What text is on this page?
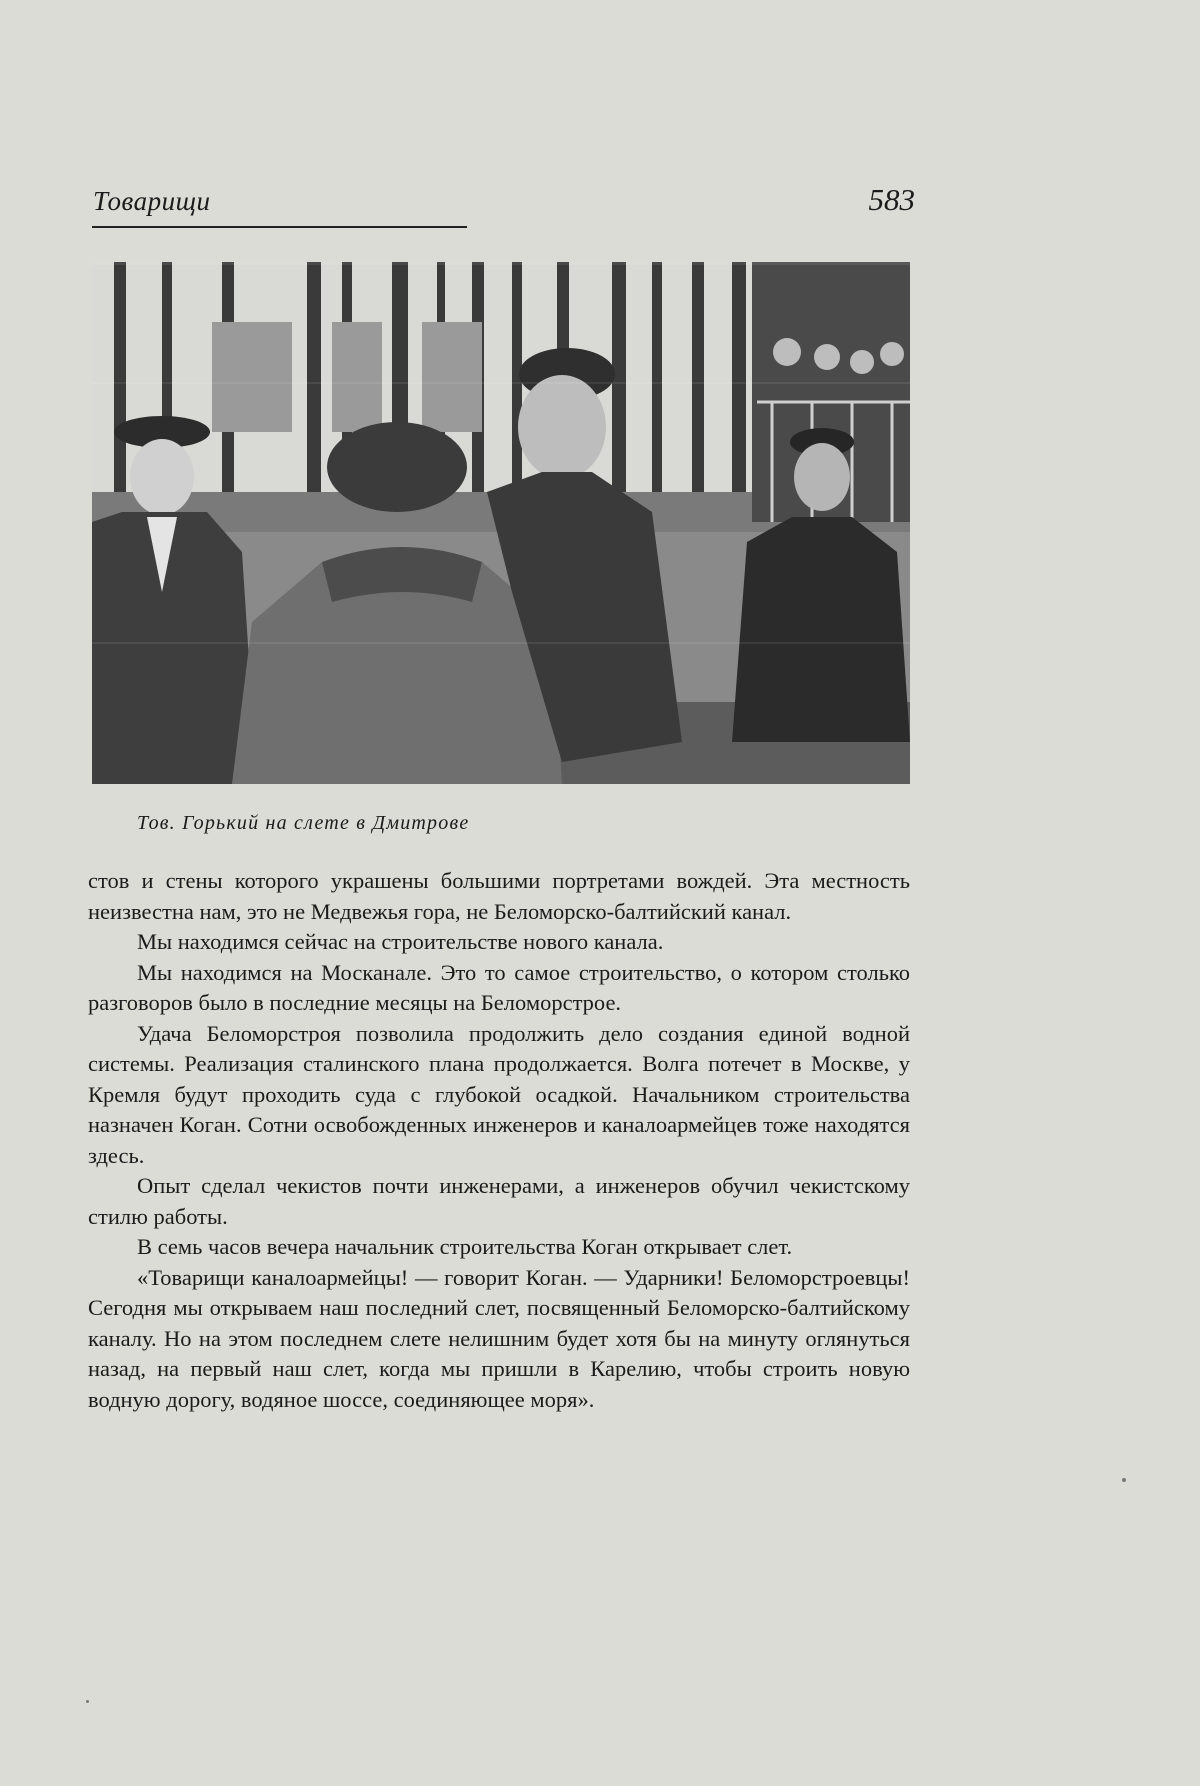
Товарищи	583
Тов. Горький на слете в Дмитрове

стов и стены которого украшены большими портретами вождей. Эта местность неизвестна нам, это не Медвежья гора, не Беломорско-балтийский канал.

Мы находимся сейчас на строительстве нового канала.

Мы находимся на Москанале. Это то самое строительство, о котором столько разговоров было в последние месяцы на Беломорстрое.

Удача Беломорстроя позволила продолжить дело создания единой водной системы. Реализация сталинского плана продолжается. Волга потечет в Москве, у Кремля будут проходить суда с глубокой осадкой. Начальником строительства назначен Коган. Сотни освобожденных инженеров и каналоармейцев тоже находятся здесь.

Опыт сделал чекистов почти инженерами, а инженеров обучил чекистскому стилю работы.

В семь часов вечера начальник строительства Коган открывает слет.

«Товарищи каналоармейцы! — говорит Коган. — Ударники! Беломорстроевцы! Сегодня мы открываем наш последний слет, посвященный Беломорско-балтийскому каналу. Но на этом последнем слете нелишним будет хотя бы на минуту оглянуться назад, на первый наш слет, когда мы пришли в Карелию, чтобы строить новую водную дорогу, водяное шоссе, соединяющее моря».
